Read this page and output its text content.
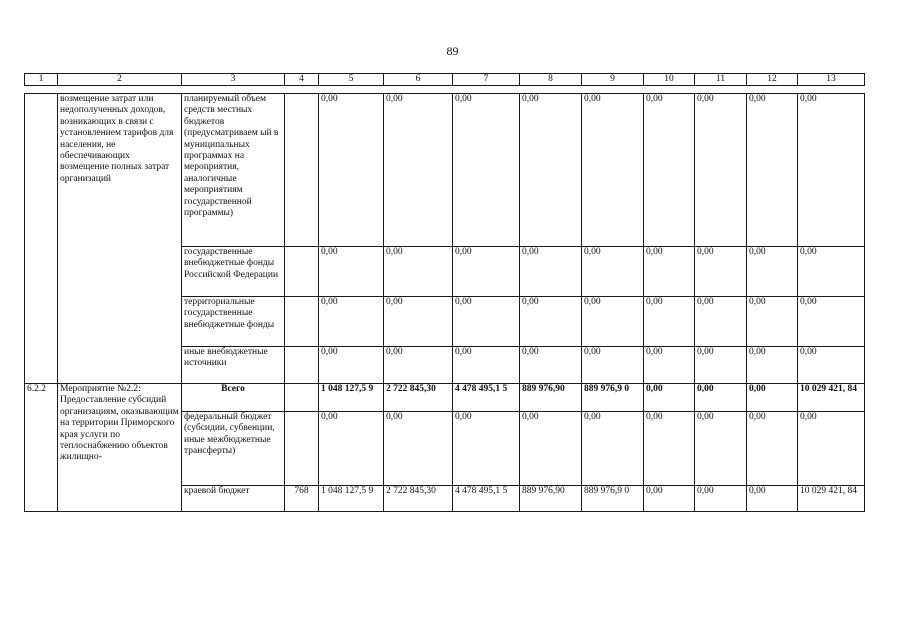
89
1	2	3	4	5	6	7	8	9	10	11	12	13
	возмещение затрат или недополученных доходов, возникающих в связи с установлением тарифов для населения, не обеспечивающих возмещение полных затрат организаций	планируемый объем средств местных бюджетов (предусматриваем ый в муниципальных программах на мероприятия, аналогичные мероприятиям государственной программы)		0,00	0,00	0,00	0,00	0,00	0,00	0,00	0,00	0,00
		государственные внебюджетные фонды Российской Федерации		0,00	0,00	0,00	0,00	0,00	0,00	0,00	0,00	0,00
		территориальные государственные внебюджетные фонды		0,00	0,00	0,00	0,00	0,00	0,00	0,00	0,00	0,00
		иные внебюджетные источники		0,00	0,00	0,00	0,00	0,00	0,00	0,00	0,00	0,00
6.2.2	Мероприятие №2.2: Предоставление субсидий организациям, оказывающим на территории Приморского края услуги по теплоснабжению объектов жилищно-	Всего		1 048 127,5 9	2 722 845,30	4 478 495,1 5	889 976,90	889 976,9 0	0,00	0,00	0,00	10 029 421, 84
		федеральный бюджет (субсидии, субвенции, иные межбюджетные трансферты)		0,00	0,00	0,00	0,00	0,00	0,00	0,00	0,00	0,00
		краевой бюджет	768	1 048 127,5 9	2 722 845,30	4 478 495,1 5	889 976,90	889 976,9 0	0,00	0,00	0,00	10 029 421, 84
